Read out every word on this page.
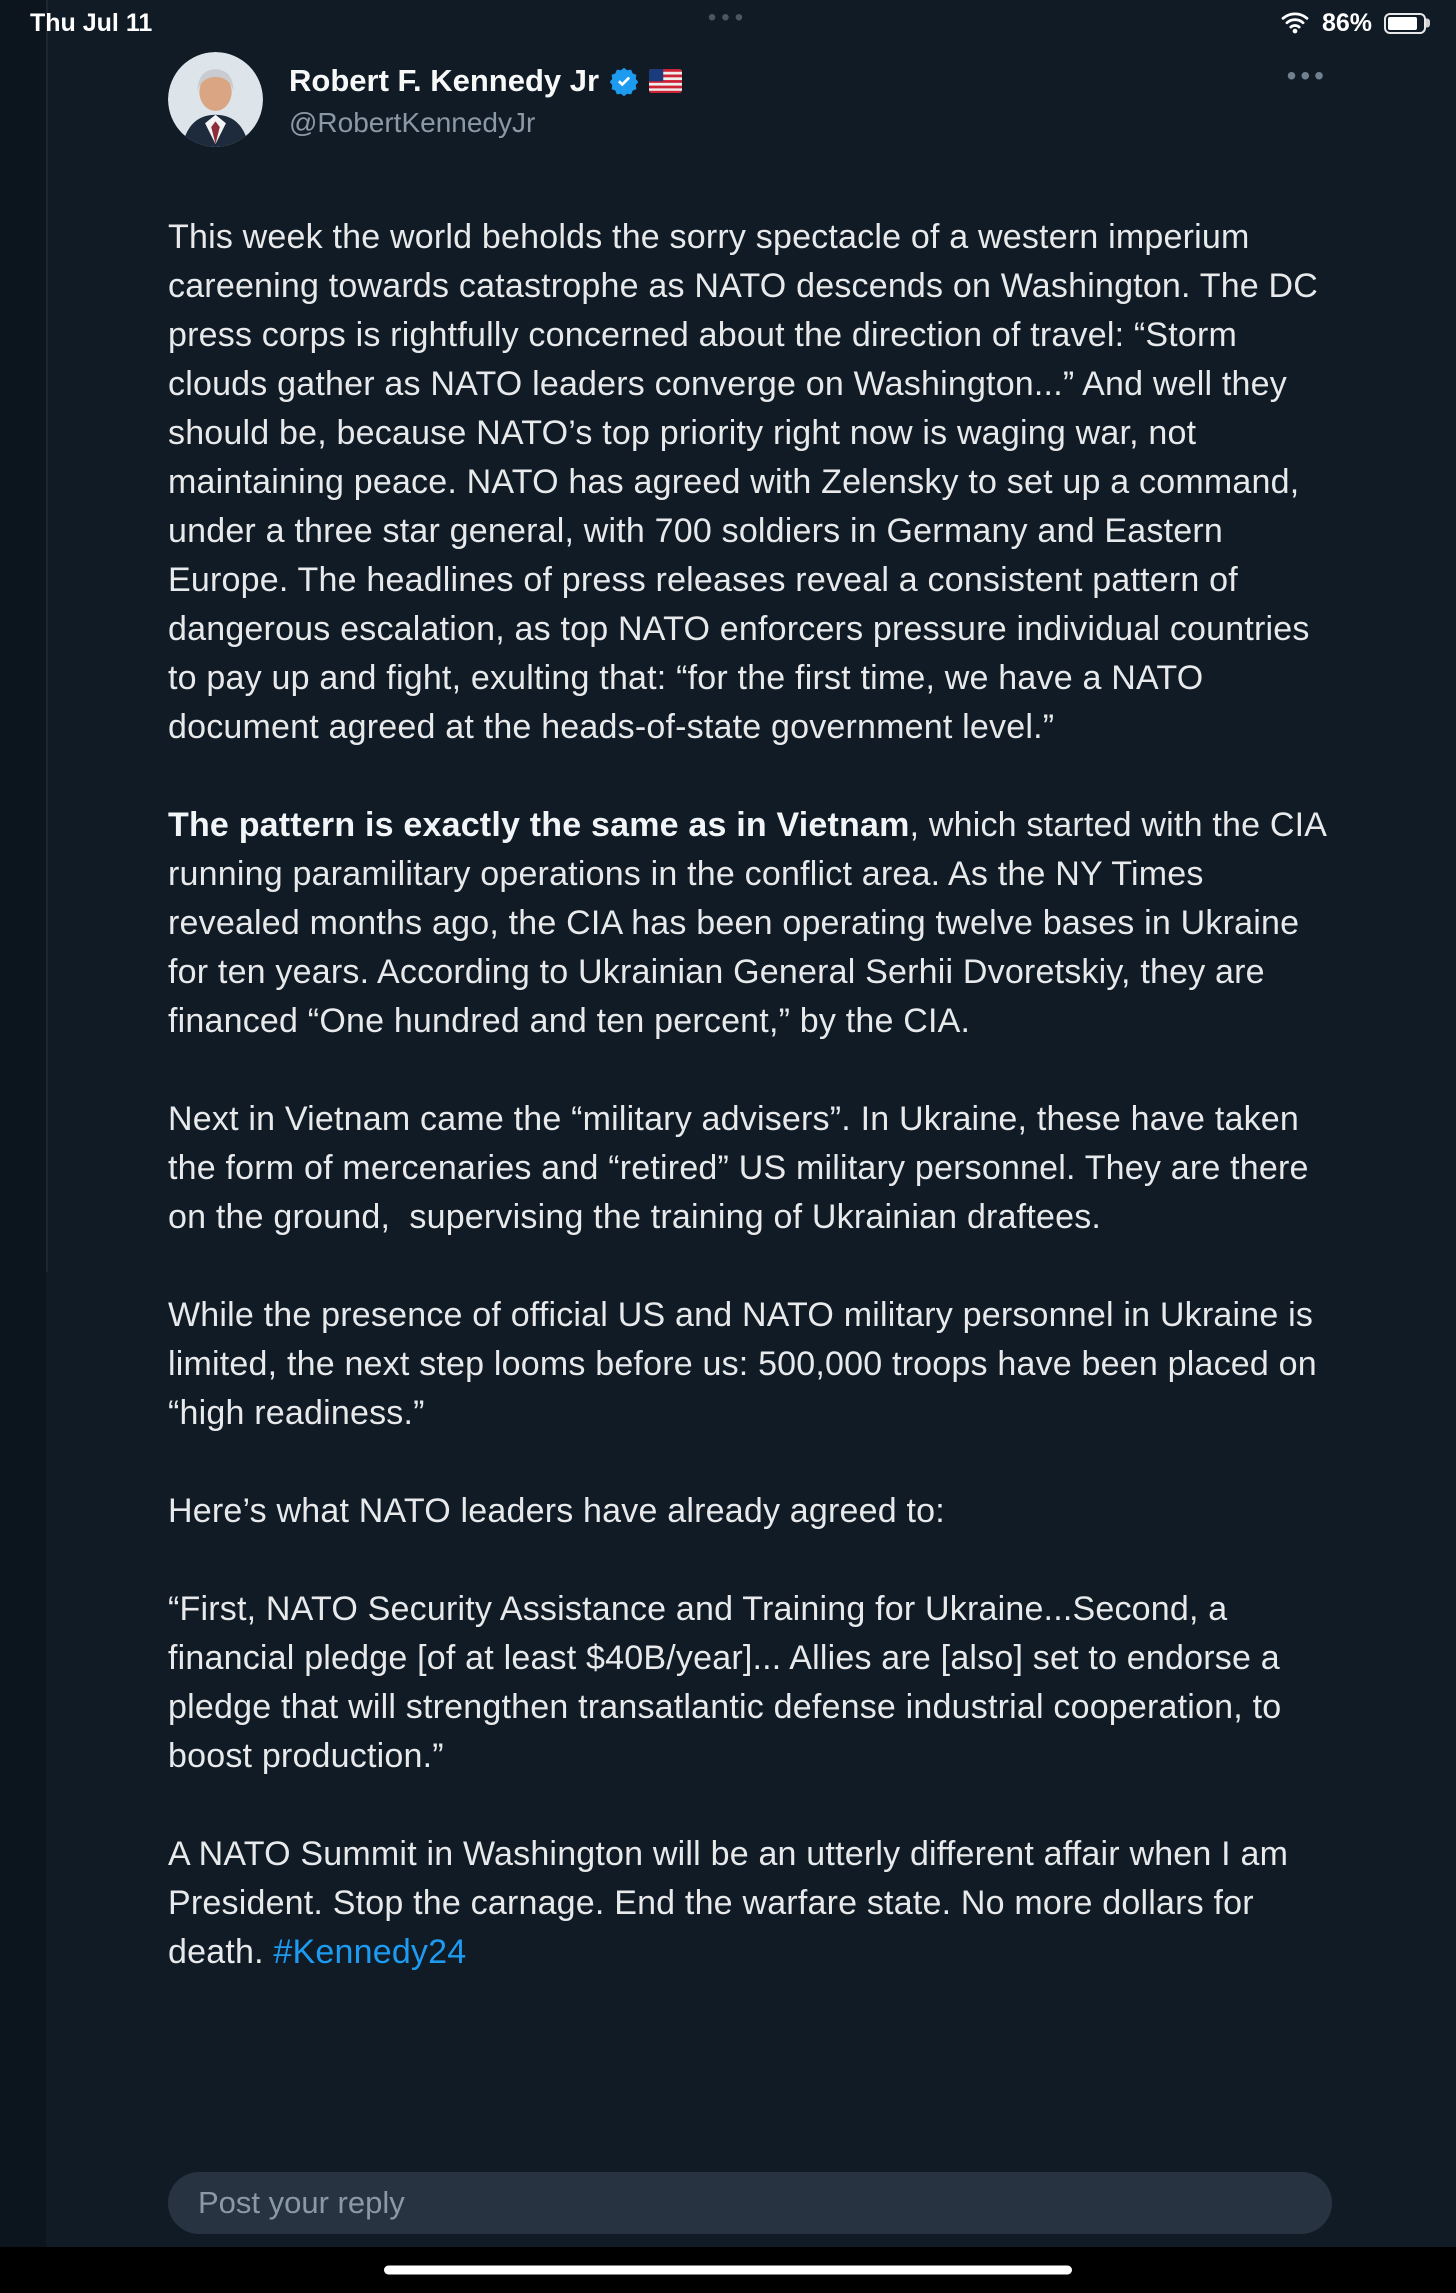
Thu Jul 11	•••	86%
•••
Robert F. Kennedy Jr
@RobertKennedyJr

This week the world beholds the sorry spectacle of a western imperium careening towards catastrophe as NATO descends on Washington. The DC press corps is rightfully concerned about the direction of travel: “Storm clouds gather as NATO leaders converge on Washington...” And well they should be, because NATO’s top priority right now is waging war, not maintaining peace. NATO has agreed with Zelensky to set up a command, under a three star general, with 700 soldiers in Germany and Eastern Europe. The headlines of press releases reveal a consistent pattern of dangerous escalation, as top NATO enforcers pressure individual countries to pay up and fight, exulting that: “for the first time, we have a NATO document agreed at the heads-of-state government level.”

The pattern is exactly the same as in Vietnam, which started with the CIA running paramilitary operations in the conflict area. As the NY Times revealed months ago, the CIA has been operating twelve bases in Ukraine for ten years. According to Ukrainian General Serhii Dvoretskiy, they are financed “One hundred and ten percent,” by the CIA.

Next in Vietnam came the “military advisers”. In Ukraine, these have taken the form of mercenaries and “retired” US military personnel. They are there on the ground,  supervising the training of Ukrainian draftees.

While the presence of official US and NATO military personnel in Ukraine is limited, the next step looms before us: 500,000 troops have been placed on “high readiness.”

Here’s what NATO leaders have already agreed to:

“First, NATO Security Assistance and Training for Ukraine...Second, a financial pledge [of at least $40B/year]... Allies are [also] set to endorse a pledge that will strengthen transatlantic defense industrial cooperation, to boost production.”

A NATO Summit in Washington will be an utterly different affair when I am President. Stop the carnage. End the warfare state. No more dollars for death. #Kennedy24

Post your reply
